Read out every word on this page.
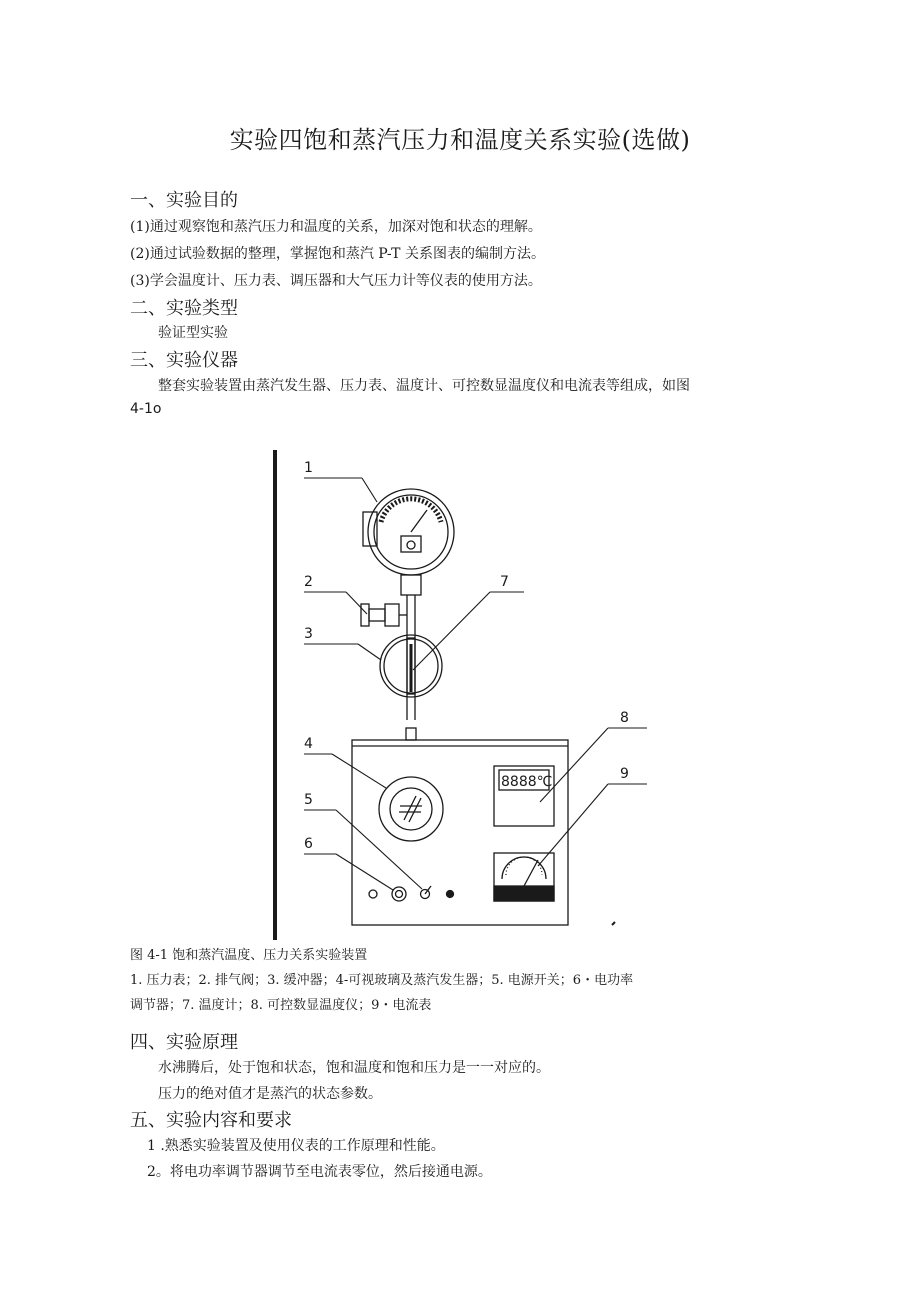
实验四饱和蒸汽压力和温度关系实验(选做)
一、实验目的
(1)通过观察饱和蒸汽压力和温度的关系，加深对饱和状态的理解。
(2)通过试验数据的整理，掌握饱和蒸汽 P-T 关系图表的编制方法。
(3)学会温度计、压力表、调压器和大气压力计等仪表的使用方法。
二、实验类型
验证型实验
三、实验仪器
整套实验装置由蒸汽发生器、压力表、温度计、可控数显温度仪和电流表等组成，如图
4-1o
1
2
3
4
5
6
7
8
9
8888℃
图 4-1 饱和蒸汽温度、压力关系实验装置
1. 压力表；2. 排气阀；3. 缓冲器；4-可视玻璃及蒸汽发生器；5. 电源开关；6・电功率
调节器；7. 温度计；8. 可控数显温度仪；9・电流表
四、实验原理
水沸腾后，处于饱和状态，饱和温度和饱和压力是一一对应的。
压力的绝对值才是蒸汽的状态参数。
五、实验内容和要求
1 .熟悉实验装置及使用仪表的工作原理和性能。
2。将电功率调节器调节至电流表零位，然后接通电源。
